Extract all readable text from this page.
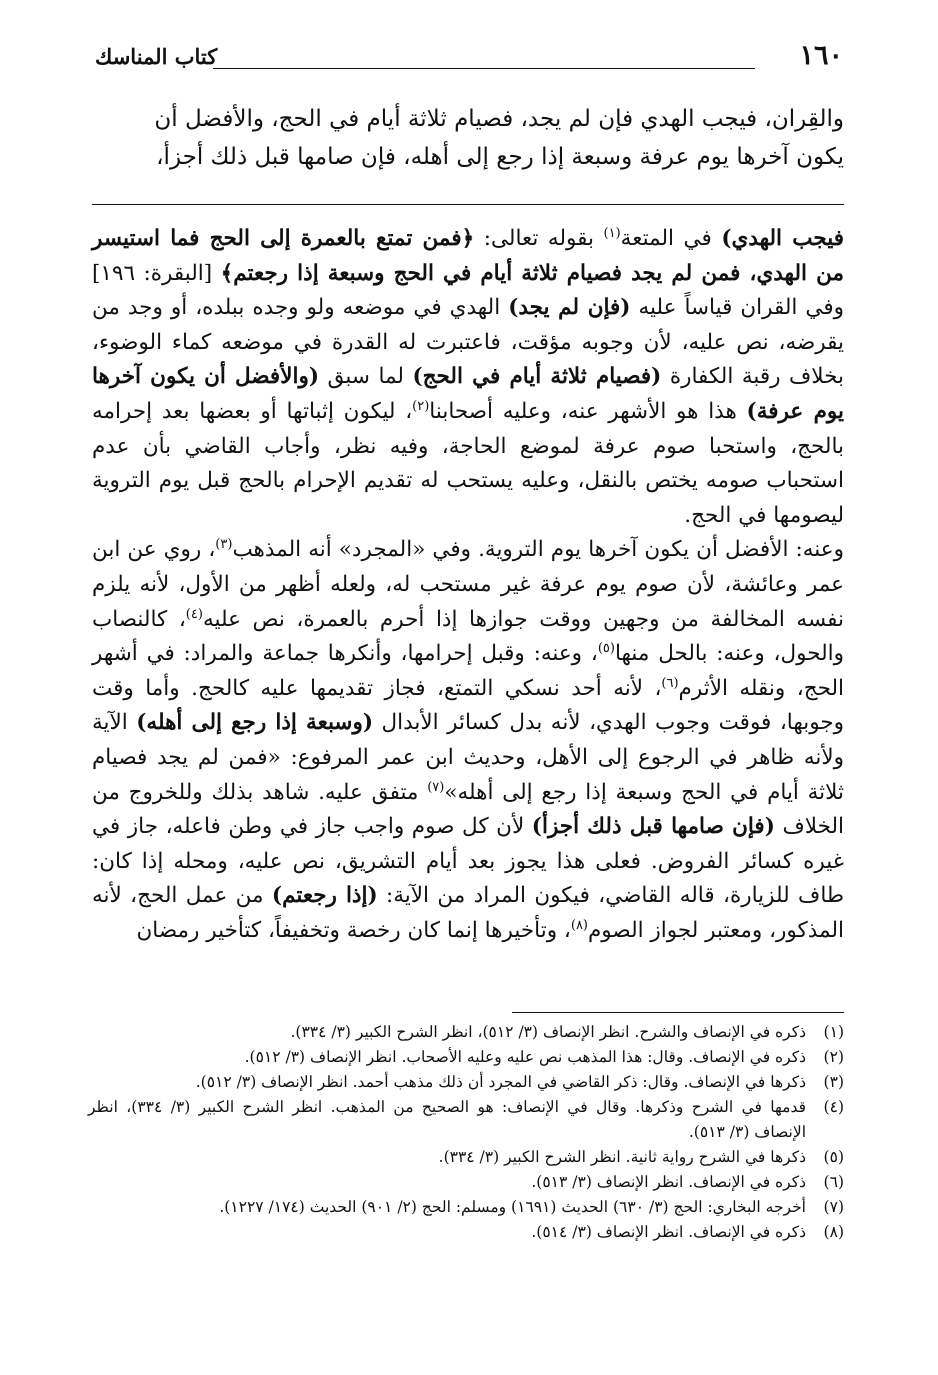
١٦٠
كتاب المناسك
والقِران، فيجب الهدي فإن لم يجد، فصيام ثلاثة أيام في الحج، والأفضل أن
يكون آخرها يوم عرفة وسبعة إذا رجع إلى أهله، فإن صامها قبل ذلك أجزأ،

فيجب الهدي) في المتعة$^{(١)}$ بقوله تعالى: ﴿فمن تمتع بالعمرة إلى الحج فما استيسر من الهدي، فمن لم يجد فصيام ثلاثة أيام في الحج وسبعة إذا رجعتم﴾ [البقرة: ١٩٦] وفي القران قياساً عليه (فإن لم يجد) الهدي في موضعه ولو وجده ببلده، أو وجد من يقرضه، نص عليه، لأن وجوبه مؤقت، فاعتبرت له القدرة في موضعه كماء الوضوء، بخلاف رقبة الكفارة (فصيام ثلاثة أيام في الحج) لما سبق (والأفضل أن يكون آخرها يوم عرفة) هذا هو الأشهر عنه، وعليه أصحابنا$^{(٢)}$، ليكون إثباتها أو بعضها بعد إحرامه بالحج، واستحبا صوم عرفة لموضع الحاجة، وفيه نظر، وأجاب القاضي بأن عدم استحباب صومه يختص بالنقل، وعليه يستحب له تقديم الإحرام بالحج قبل يوم التروية ليصومها في الحج.

وعنه: الأفضل أن يكون آخرها يوم التروية. وفي «المجرد» أنه المذهب$^{(٣)}$، روي عن ابن عمر وعائشة، لأن صوم يوم عرفة غير مستحب له، ولعله أظهر من الأول، لأنه يلزم نفسه المخالفة من وجهين ووقت جوازها إذا أحرم بالعمرة، نص عليه$^{(٤)}$، كالنصاب والحول، وعنه: بالحل منها$^{(٥)}$، وعنه: وقبل إحرامها، وأنكرها جماعة والمراد: في أشهر الحج، ونقله الأثرم$^{(٦)}$، لأنه أحد نسكي التمتع، فجاز تقديمها عليه كالحج. وأما وقت وجوبها، فوقت وجوب الهدي، لأنه بدل كسائر الأبدال (وسبعة إذا رجع إلى أهله) الآية ولأنه ظاهر في الرجوع إلى الأهل، وحديث ابن عمر المرفوع: «فمن لم يجد فصيام ثلاثة أيام في الحج وسبعة إذا رجع إلى أهله»$^{(٧)}$ متفق عليه. شاهد بذلك وللخروج من الخلاف (فإن صامها قبل ذلك أجزأ) لأن كل صوم واجب جاز في وطن فاعله، جاز في غيره كسائر الفروض. فعلى هذا يجوز بعد أيام التشريق، نص عليه، ومحله إذا كان: طاف للزيارة، قاله القاضي، فيكون المراد من الآية: (إذا رجعتم) من عمل الحج، لأنه المذكور، ومعتبر لجواز الصوم$^{(٨)}$، وتأخيرها إنما كان رخصة وتخفيفاً، كتأخير رمضان

(١)
ذكره في الإنصاف والشرح. انظر الإنصاف (٣/ ٥١٢)، انظر الشرح الكبير (٣/ ٣٣٤).
(٢)
ذكره في الإنصاف. وقال: هذا المذهب نص عليه وعليه الأصحاب. انظر الإنصاف (٣/ ٥١٢).
(٣)
ذكرها في الإنصاف. وقال: ذكر القاضي في المجرد أن ذلك مذهب أحمد. انظر الإنصاف (٣/ ٥١٢).
(٤)
قدمها في الشرح وذكرها. وقال في الإنصاف: هو الصحيح من المذهب. انظر الشرح الكبير (٣/ ٣٣٤)، انظر الإنصاف (٣/ ٥١٣).
(٥)
ذكرها في الشرح رواية ثانية. انظر الشرح الكبير (٣/ ٣٣٤).
(٦)
ذكره في الإنصاف. انظر الإنصاف (٣/ ٥١٣).
(٧)
أخرجه البخاري: الحج (٣/ ٦٣٠) الحديث (١٦٩١) ومسلم: الحج (٢/ ٩٠١) الحديث (١٧٤/ ١٢٢٧).
(٨)
ذكره في الإنصاف. انظر الإنصاف (٣/ ٥١٤).
